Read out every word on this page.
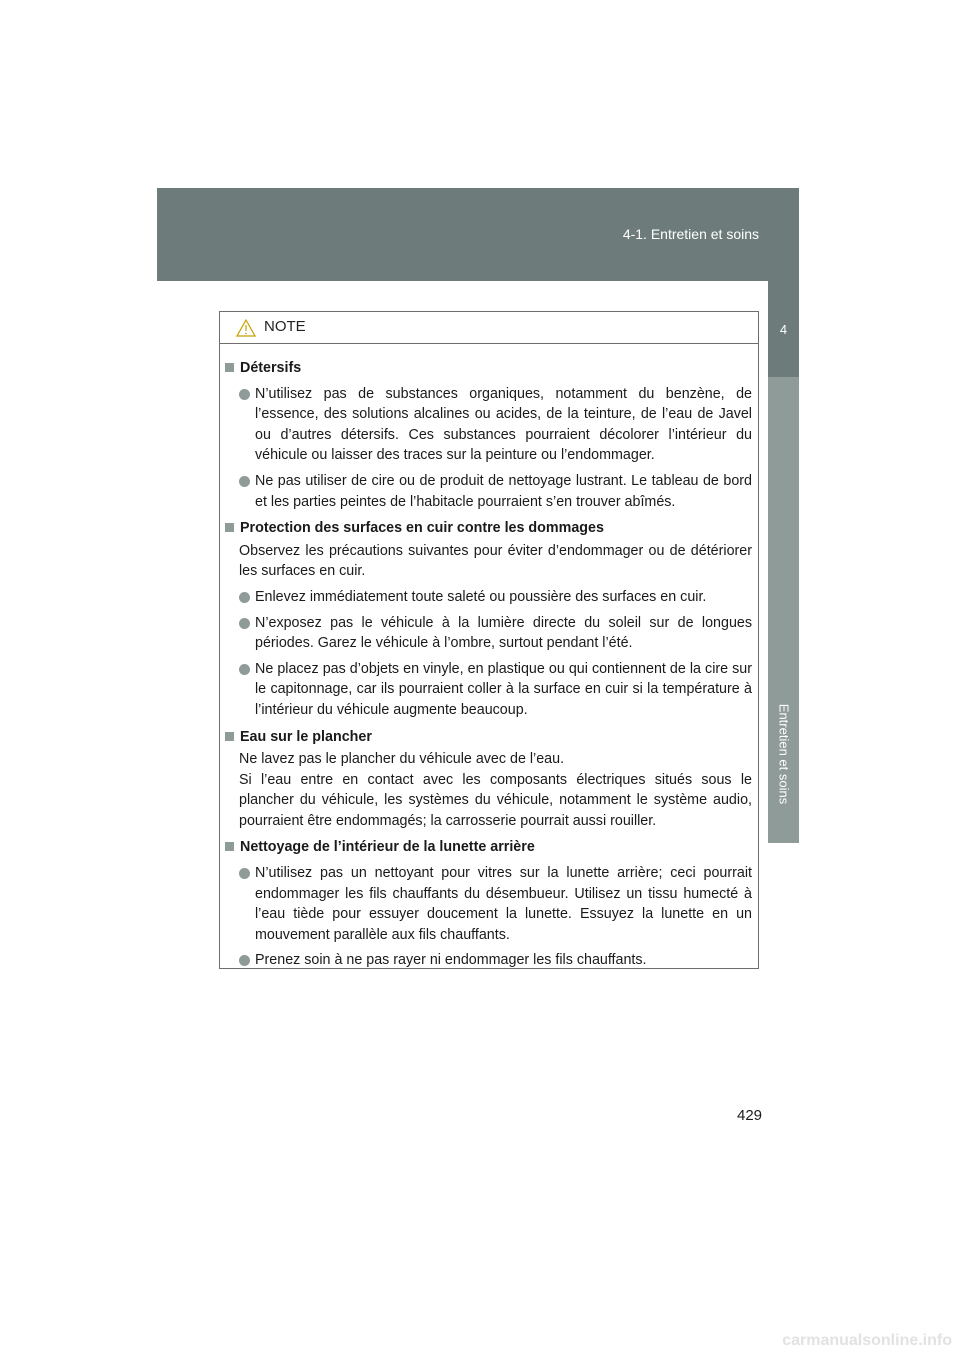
4-1. Entretien et soins
4
Entretien et soins
NOTE
Détersifs
N’utilisez pas de substances organiques, notamment du benzène, de l’essence, des solutions alcalines ou acides, de la teinture, de l’eau de Javel ou d’autres détersifs. Ces substances pourraient décolorer l’intérieur du véhicule ou laisser des traces sur la peinture ou l’endommager.
Ne pas utiliser de cire ou de produit de nettoyage lustrant. Le tableau de bord et les parties peintes de l’habitacle pourraient s’en trouver abîmés.
Protection des surfaces en cuir contre les dommages
Observez les précautions suivantes pour éviter d’endommager ou de détériorer les surfaces en cuir.
Enlevez immédiatement toute saleté ou poussière des surfaces en cuir.
N’exposez pas le véhicule à la lumière directe du soleil sur de longues périodes. Garez le véhicule à l’ombre, surtout pendant l’été.
Ne placez pas d’objets en vinyle, en plastique ou qui contiennent de la cire sur le capitonnage, car ils pourraient coller à la surface en cuir si la température à l’intérieur du véhicule augmente beaucoup.
Eau sur le plancher
Ne lavez pas le plancher du véhicule avec de l’eau.
Si l’eau entre en contact avec les composants électriques situés sous le plancher du véhicule, les systèmes du véhicule, notamment le système audio, pourraient être endommagés; la carrosserie pourrait aussi rouiller.
Nettoyage de l’intérieur de la lunette arrière
N’utilisez pas un nettoyant pour vitres sur la lunette arrière; ceci pourrait endommager les fils chauffants du désembueur. Utilisez un tissu humecté à l’eau tiède pour essuyer doucement la lunette. Essuyez la lunette en un mouvement parallèle aux fils chauffants.
Prenez soin à ne pas rayer ni endommager les fils chauffants.
429
carmanualsonline.info
